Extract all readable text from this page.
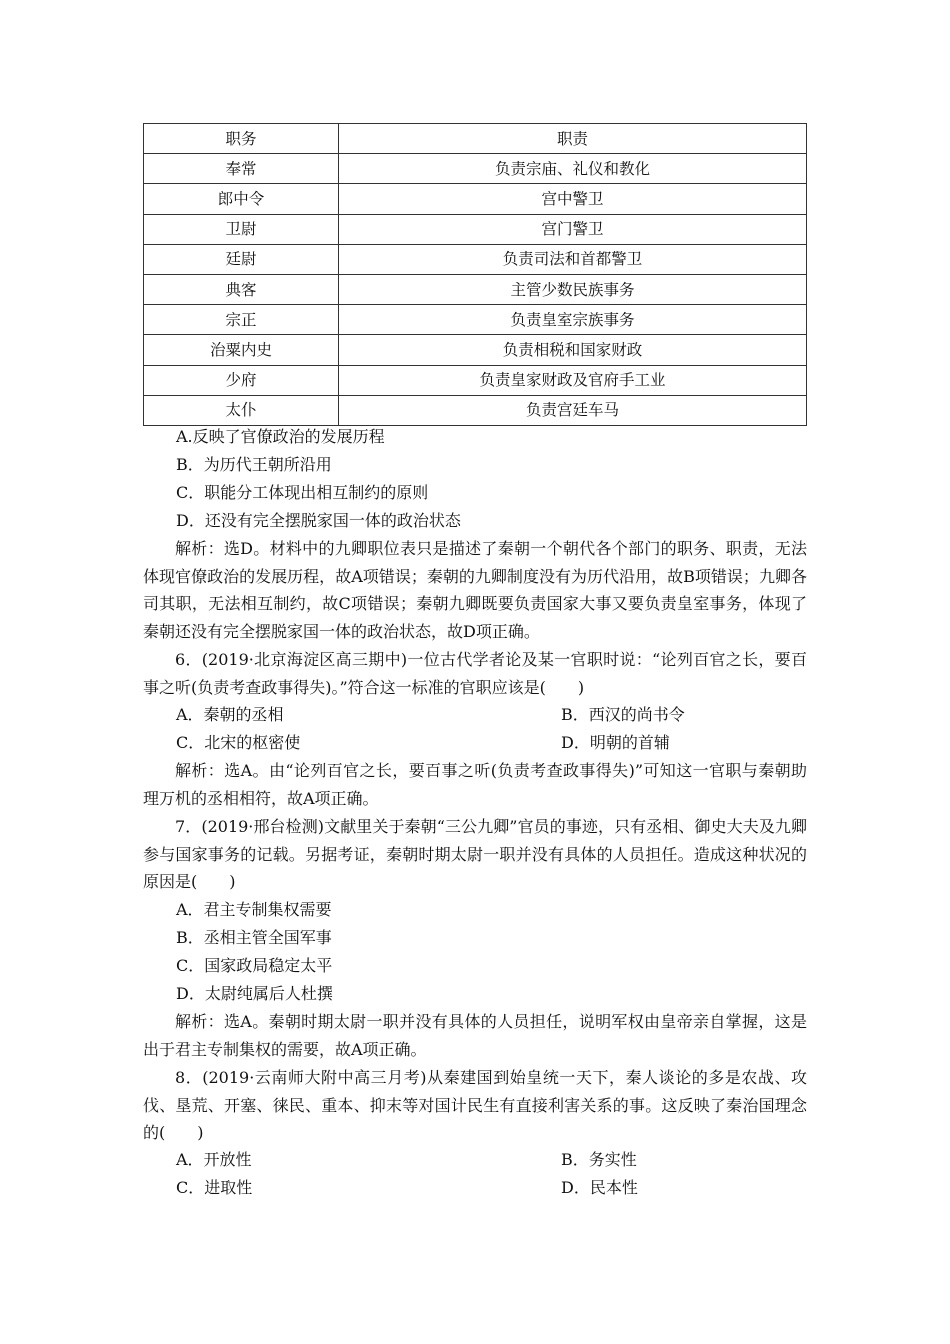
职务	职责
奉常	负责宗庙、礼仪和教化
郎中令	宫中警卫
卫尉	宫门警卫
廷尉	负责司法和首都警卫
典客	主管少数民族事务
宗正	负责皇室宗族事务
治粟内史	负责相税和国家财政
少府	负责皇家财政及官府手工业
太仆	负责宫廷车马
A.反映了官僚政治的发展历程
B．为历代王朝所沿用
C．职能分工体现出相互制约的原则
D．还没有完全摆脱家国一体的政治状态
解析：选D。材料中的九卿职位表只是描述了秦朝一个朝代各个部门的职务、职责，无法体现官僚政治的发展历程，故A项错误；秦朝的九卿制度没有为历代沿用，故B项错误；九卿各司其职，无法相互制约，故C项错误；秦朝九卿既要负责国家大事又要负责皇室事务，体现了秦朝还没有完全摆脱家国一体的政治状态，故D项正确。
6．(2019·北京海淀区高三期中)一位古代学者论及某一官职时说：“论列百官之长，要百事之听(负责考查政事得失)。”符合这一标准的官职应该是(　　)
A．秦朝的丞相	B．西汉的尚书令
C．北宋的枢密使	D．明朝的首辅
解析：选A。由“论列百官之长，要百事之听(负责考查政事得失)”可知这一官职与秦朝助理万机的丞相相符，故A项正确。
7．(2019·邢台检测)文献里关于秦朝“三公九卿”官员的事迹，只有丞相、御史大夫及九卿参与国家事务的记载。另据考证，秦朝时期太尉一职并没有具体的人员担任。造成这种状况的原因是(　　)
A．君主专制集权需要
B．丞相主管全国军事
C．国家政局稳定太平
D．太尉纯属后人杜撰
解析：选A。秦朝时期太尉一职并没有具体的人员担任，说明军权由皇帝亲自掌握，这是出于君主专制集权的需要，故A项正确。
8．(2019·云南师大附中高三月考)从秦建国到始皇统一天下，秦人谈论的多是农战、攻伐、垦荒、开塞、徕民、重本、抑末等对国计民生有直接利害关系的事。这反映了秦治国理念的(　　)
A．开放性	B．务实性
C．进取性	D．民本性
